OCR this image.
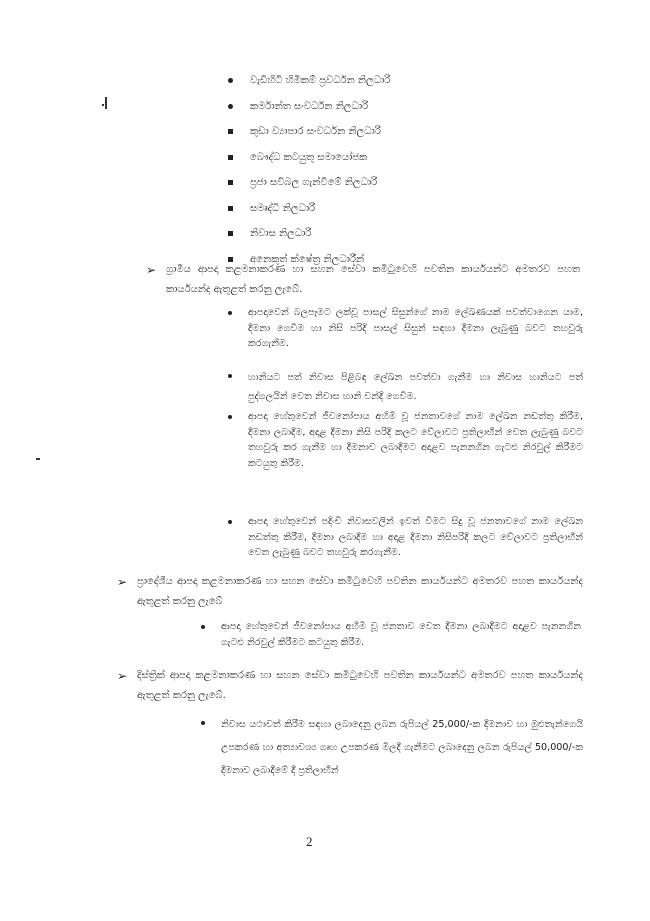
වැඩිහිටි හිමිකම් ප්‍රවර්ධන නිලධාරි
කර්මාන්ත සංවර්ධන නිලධාරි
කුඩා ව්‍යාපාර සංවර්ධන නිලධාරි
බෞද්ධ කටයුතු සමායෝජක
ප්‍රජා සවිබල ගැන්වීමේ නිලධාරි
සමෘද්ධි නිලධාරි
නිවාස නිලධාරි
අනෙකුත් ක්ෂේත්‍ර නිලධාරීන්
➢ ග්‍රාමීය ආපදා කළමනාකරණ හා සහන සේවා කමිටුවෙහි පවතින කාර්යයන්ට අමතරව පහත කාර්යයන්ද ඇතුළත් කරනු ලැබේ.
ආපදාවෙන් බලපෑමට ලක්වූ පාසල් සිසුන්ගේ නාම ලේඛණයක් පවත්වාගෙන යාම, දීමනා ගෙවීම හා නිසි පරිදි පාසල් සිසුන් සඳහා දීමනා ලැබුණු බවට තහවුරු කරගැනීම.
හානියට පත් නිවාස පිළිබඳ ලේඛන පවත්වා ගැනීම හා නිවාස හානියට පත් පුද්ගලයින් වෙත නිවාස හානි වන්දි ගෙවීම.
ආපදා හේතුවෙන් ජීවනෝපාය අහිමි වූ ජනතාවගේ නාම ලේඛන නඩත්තු කිරීම, දීමනා ලබාදීම, අදාළ දීමනා නිසි පරිදි කලට වේලාවට ප්‍රතිලාභීන් වෙත ලැබුණු බවට තහවුරු කර ගැනීම හා දීමනාව ලබාදීමට අදාළව පැනනගින ගැටළු නිරවුල් කිරීමට කටයුතු කිරීම.
ආපදා හේතුවෙන් පදිංචි නිවාසවලින් ඉවත් වීමට සිදු වූ ජනතාවගේ නාම ලේඛන නඩත්තු කිරීම, දීමනා ලබාදීම හා අදාළ දීමනා නිසිපරිදි කලට වේලාවට ප්‍රතිලාභීන් වෙත ලැබුණු බවට තහවුරු කරගැනීම.
➢ ප්‍රාදේශීය ආපදා කළමනාකරණ හා සහන සේවා කමිටුවෙහි පවතින කාර්යයන්ට අමතරව පහත කාර්යයන්ද ඇතුළත් කරනු ලැබේ
ආපදා හේතුවෙන් ජීවනෝපාය අහිමි වූ ජනතාව වෙත දීමනා ලබාදීමට අදාළව පැනනගින ගැටළු නිරවුල් කිරීමට කටයුතු කිරීම.
➢ දිස්ත්‍රික් ආපදා කළමනාකරණ හා සහන සේවා කමිටුවෙහි පවතින කාර්යයන්ට අමතරව පහත කාර්යයන්ද ඇතුළත් කරනු ලැබේ.
නිවාස යථාවත් කිරීම සඳහා ලබාදෙනු ලබන රුපියල් 25,000/-ක දීමනාව හා මුළුතැන්ගෙයි උපකරණ හා අත්‍යාවශ්‍ය ගෘහ උපකරණ මිලදී ගැනීමට ලබාදෙනු ලබන රුපියල් 50,000/-ක දීමනාව ලබාදීමේ දී ප්‍රතිලාභීන්
2
